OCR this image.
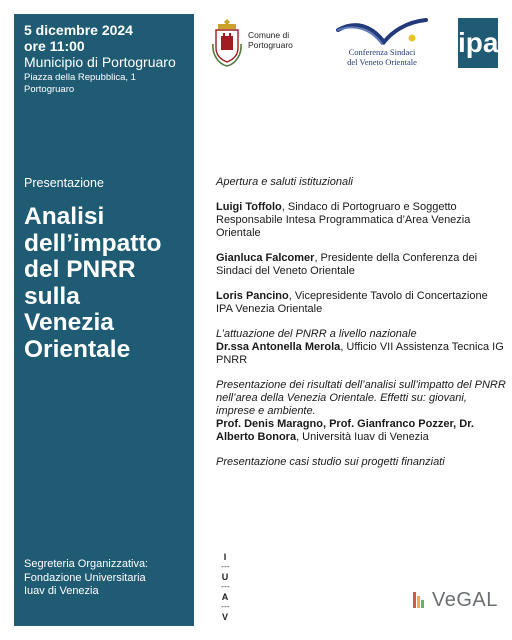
5 dicembre 2024
ore 11:00
Municipio di Portogruaro
Piazza della Repubblica, 1
Portogruaro
Presentazione
Analisi
dell’impatto
del PNRR
sulla
Venezia
Orientale
Segreteria Organizzativa:
Fondazione Universitaria
Iuav di Venezia
Comune di
Portogruaro
Conferenza Sindaci
del Veneto Orientale
ipa
Apertura e saluti istituzionali
Luigi Toffolo, Sindaco di Portogruaro e Soggetto Responsabile Intesa Programmatica d’Area Venezia Orientale
Gianluca Falcomer, Presidente della Conferenza dei Sindaci del Veneto Orientale
Loris Pancino, Vicepresidente Tavolo di Concertazione IPA Venezia Orientale
L’attuazione del PNRR a livello nazionale
Dr.ssa Antonella Merola, Ufficio VII Assistenza Tecnica IG PNRR
Presentazione dei risultati dell’analisi sull’impatto del PNRR nell’area della Venezia Orientale. Effetti su: giovani, imprese e ambiente.
Prof. Denis Maragno, Prof. Gianfranco Pozzer, Dr. Alberto Bonora, Università Iuav di Venezia
Presentazione casi studio sui progetti finanziati
I
- - -
U
- - -
A
- - -
V
VeGAL
